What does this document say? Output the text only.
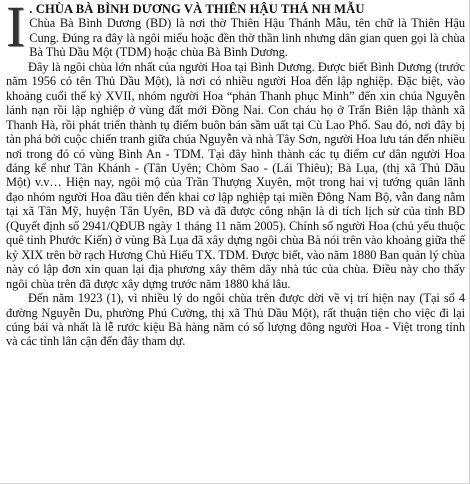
I . CHÙA BÀ BÌNH DƯƠNG VÀ THIÊN HẬU THÁ NH MẪU

Chùa Bà Bình Dương (BD) là nơi thờ Thiên Hậu Thánh Mẫu, tên chữ là Thiên Hậu Cung. Đúng ra đây là ngôi miếu hoặc đền thờ thần linh nhưng dân gian quen gọi là chùa Bà Thủ Dầu Một (TDM) hoặc chùa Bà Bình Dương.

Đây là ngôi chùa lớn nhất của người Hoa tại Bình Dương. Được biết Bình Dương (trước năm 1956 có tên Thủ Dầu Một), là nơi có nhiều người Hoa đến lập nghiệp. Đặc biệt, vào khoảng cuối thế kỷ XVII, nhóm người Hoa “phản Thanh phục Minh” đến xin chúa Nguyễn lánh nạn rồi lập nghiệp ở vùng đất mới Đồng Nai. Con cháu họ ở Trấn Biên lập thành xã Thanh Hà, rồi phát triển thành tụ điểm buôn bán sầm uất tại Cù Lao Phố. Sau đó, nơi đây bị tàn phá bởi cuộc chiến tranh giữa chúa Nguyễn và nhà Tây Sơn, người Hoa lưu tán đến nhiều nơi trong đó có vùng Bình An - TDM. Tại đây hình thành các tụ điểm cư dân người Hoa đáng kể như Tân Khánh - (Tân Uyên; Chòm Sao - (Lái Thiêu); Bà Lụa, (thị xã Thủ Dầu Một) v.v… Hiện nay, ngôi mộ của Trần Thượng Xuyên, một trong hai vị tướng quân lãnh đạo nhóm người Hoa đầu tiên đến khai cơ lập nghiệp tại miền Đông Nam Bộ, vẫn đang nằm tại xã Tân Mỹ, huyện Tân Uyên, BD và đã được công nhận là di tích lịch sử của tỉnh BD (Quyết định số 2941/QĐUB ngày 1 tháng 11 năm 2005). Chính số người Hoa (chủ yếu thuộc quê tỉnh Phước Kiến) ở vùng Bà Lụa đã xây dựng ngôi chùa Bà nói trên vào khoảng giữa thế kỷ XIX trên bờ rạch Hương Chủ Hiếu TX. TDM. Được biết, vào năm 1880 Ban quản lý chùa này có lập đơn xin quan lại địa phương xây thêm dãy nhà túc của chùa. Điều này cho thấy ngôi chùa trên đã được xây dựng trước năm 1880 khá lâu.

Đến năm 1923 (1), vì nhiều lý do ngôi chùa trên được dời về vị trí hiện nay (Tại số 4 đường Nguyễn Du, phường Phú Cường, thị xã Thủ Dầu Một), rất thuận tiện cho việc đi lại cúng bái và nhất là lễ rước kiệu Bà hàng năm có số lượng đông người Hoa - Việt trong tỉnh và các tỉnh lân cận đến đây tham dự.
